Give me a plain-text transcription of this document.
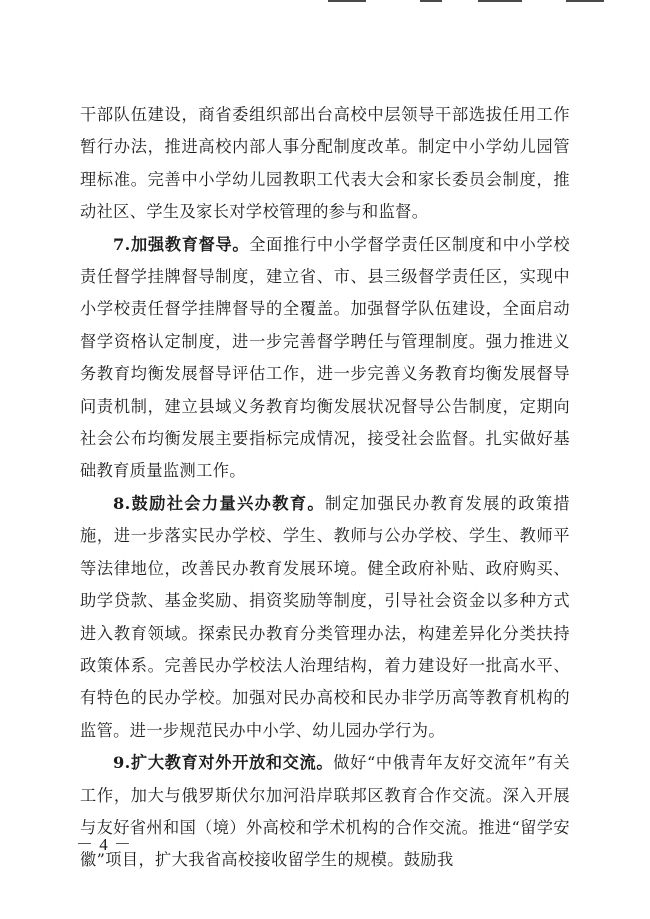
干部队伍建设，商省委组织部出台高校中层领导干部选拔任用工作暂行办法，推进高校内部人事分配制度改革。制定中小学幼儿园管理标准。完善中小学幼儿园教职工代表大会和家长委员会制度，推动社区、学生及家长对学校管理的参与和监督。

7.加强教育督导。全面推行中小学督学责任区制度和中小学校责任督学挂牌督导制度，建立省、市、县三级督学责任区，实现中小学校责任督学挂牌督导的全覆盖。加强督学队伍建设，全面启动督学资格认定制度，进一步完善督学聘任与管理制度。强力推进义务教育均衡发展督导评估工作，进一步完善义务教育均衡发展督导问责机制，建立县域义务教育均衡发展状况督导公告制度，定期向社会公布均衡发展主要指标完成情况，接受社会监督。扎实做好基础教育质量监测工作。

8.鼓励社会力量兴办教育。制定加强民办教育发展的政策措施，进一步落实民办学校、学生、教师与公办学校、学生、教师平等法律地位，改善民办教育发展环境。健全政府补贴、政府购买、助学贷款、基金奖励、捐资奖励等制度，引导社会资金以多种方式进入教育领域。探索民办教育分类管理办法，构建差异化分类扶持政策体系。完善民办学校法人治理结构，着力建设好一批高水平、有特色的民办学校。加强对民办高校和民办非学历高等教育机构的监管。进一步规范民办中小学、幼儿园办学行为。

9.扩大教育对外开放和交流。做好“中俄青年友好交流年”有关工作，加大与俄罗斯伏尔加河沿岸联邦区教育合作交流。深入开展与友好省州和国（境）外高校和学术机构的合作交流。推进“留学安徽”项目，扩大我省高校接收留学生的规模。鼓励我

－ 4 －
